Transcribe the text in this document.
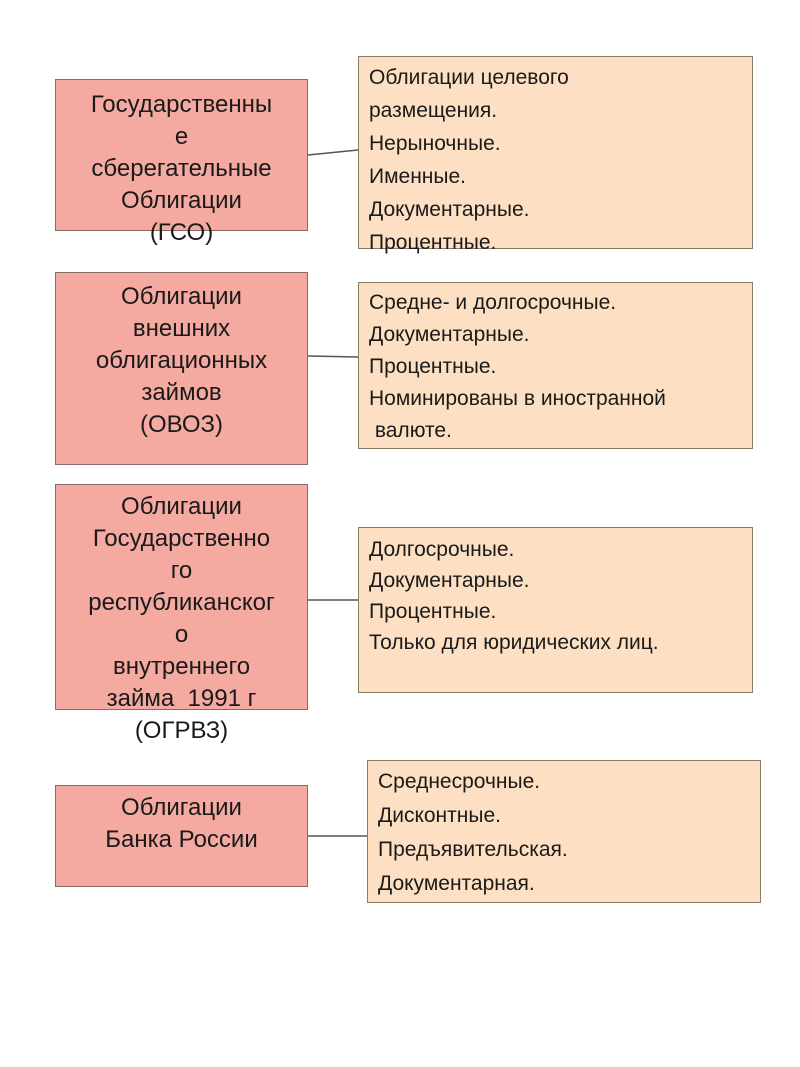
Государственны
е
сберегательные
Облигации
(ГСО)
Облигации целевого
размещения.
Нерыночные.
Именные.
Документарные.
Процентные.
Облигации
внешних
облигационных
займов
(ОВОЗ)
Средне- и долгосрочные.
Документарные.
Процентные.
Номинированы в иностранной
валюте.
Облигации
Государственно
го
республиканског
о
внутреннего
займа  1991 г
(ОГРВЗ)
Долгосрочные.
Документарные.
Процентные.
Только для юридических лиц.
Облигации
Банка России
Среднесрочные.
Дисконтные.
Предъявительская.
Документарная.
